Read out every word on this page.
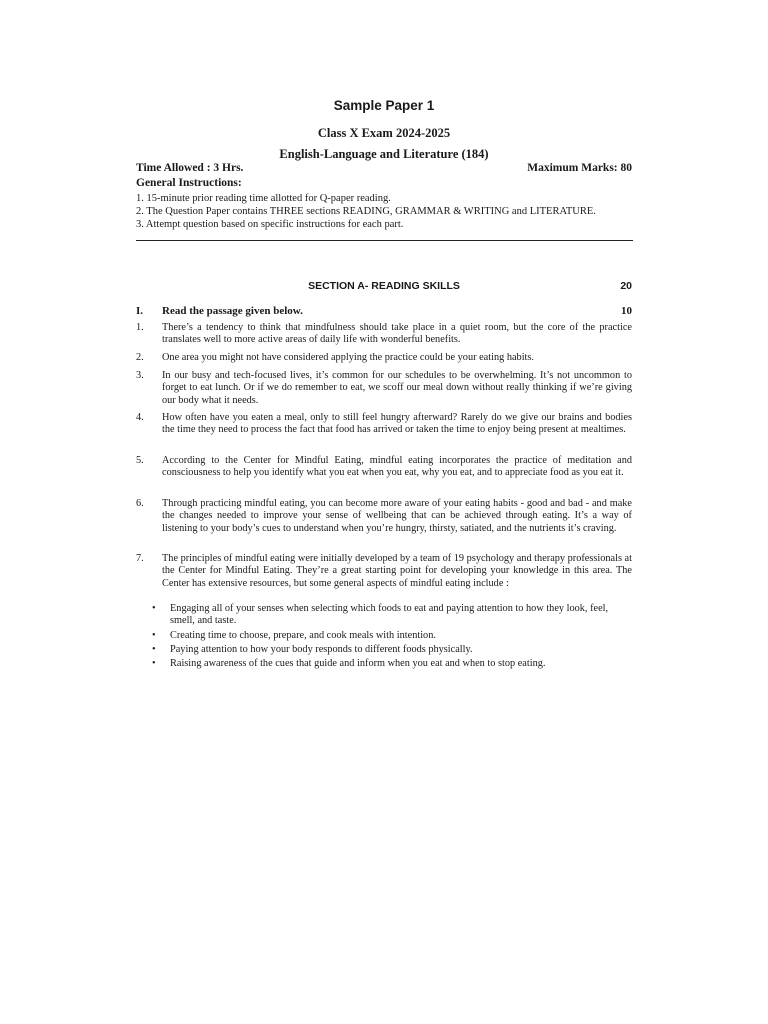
Sample Paper 1
Class X Exam 2024-2025
English-Language and Literature (184)
Time Allowed : 3 Hrs.	Maximum Marks: 80
General Instructions:
1. 15-minute prior reading time allotted for Q-paper reading.
2. The Question Paper contains THREE sections READING, GRAMMAR & WRITING and LITERATURE.
3. Attempt question based on specific instructions for each part.
SECTION A- READING SKILLS	20
I. Read the passage given below.	10
1. There’s a tendency to think that mindfulness should take place in a quiet room, but the core of the practice translates well to more active areas of daily life with wonderful benefits.
2. One area you might not have considered applying the practice could be your eating habits.
3. In our busy and tech-focused lives, it’s common for our schedules to be overwhelming. It’s not uncommon to forget to eat lunch. Or if we do remember to eat, we scoff our meal down without really thinking if we’re giving our body what it needs.
4. How often have you eaten a meal, only to still feel hungry afterward? Rarely do we give our brains and bodies the time they need to process the fact that food has arrived or taken the time to enjoy being present at mealtimes.
5. According to the Center for Mindful Eating, mindful eating incorporates the practice of meditation and consciousness to help you identify what you eat when you eat, why you eat, and to appreciate food as you eat it.
6. Through practicing mindful eating, you can become more aware of your eating habits - good and bad - and make the changes needed to improve your sense of wellbeing that can be achieved through eating. It’s a way of listening to your body’s cues to understand when you’re hungry, thirsty, satiated, and the nutrients it’s craving.
7. The principles of mindful eating were initially developed by a team of 19 psychology and therapy professionals at the Center for Mindful Eating. They’re a great starting point for developing your knowledge in this area. The Center has extensive resources, but some general aspects of mindful eating include :
• Engaging all of your senses when selecting which foods to eat and paying attention to how they look, feel, smell, and taste.
• Creating time to choose, prepare, and cook meals with intention.
• Paying attention to how your body responds to different foods physically.
• Raising awareness of the cues that guide and inform when you eat and when to stop eating.
